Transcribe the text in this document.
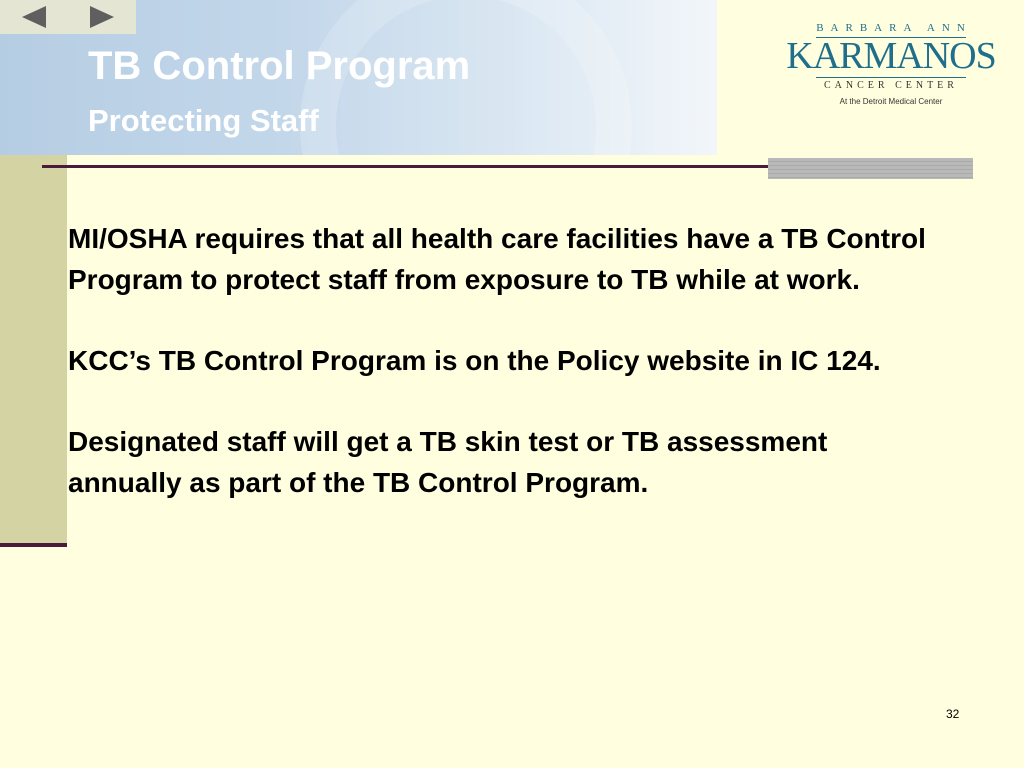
TB Control Program
Protecting Staff
BARBARA ANN
KARMANOS
CANCER CENTER
At the Detroit Medical Center

MI/OSHA requires that all health care facilities have a TB Control Program to protect staff from exposure to TB while at work.

KCC’s TB Control Program is on the Policy website in IC 124.

Designated staff will get a TB skin test or TB assessment annually as part of the TB Control Program.

32
